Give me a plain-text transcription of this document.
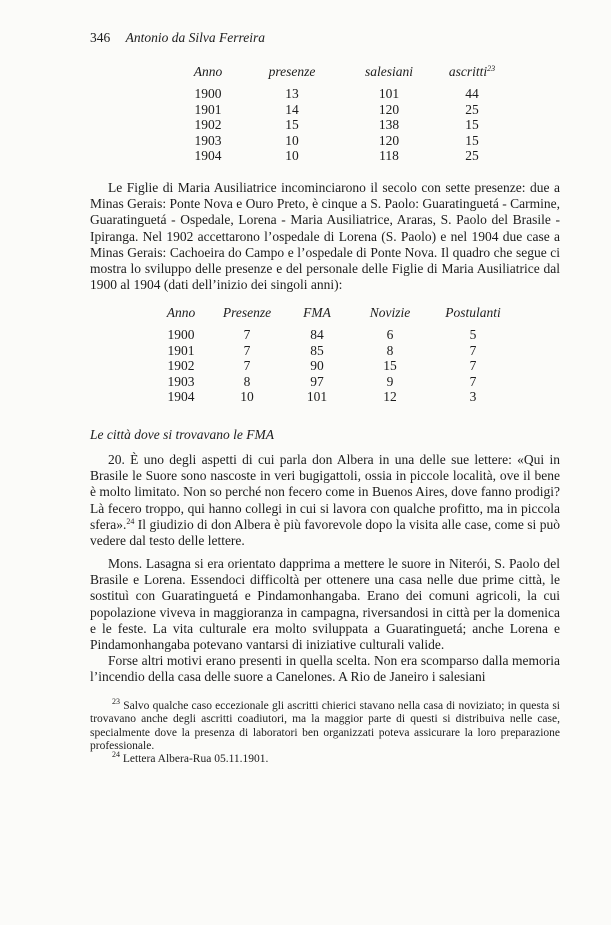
346 Antonio da Silva Ferreira
Anno	presenze	salesiani	ascritti$^{23}$
1900	13	101	44
1901	14	120	25
1902	15	138	15
1903	10	120	15
1904	10	118	25

Le Figlie di Maria Ausiliatrice incominciarono il secolo con sette presenze: due a Minas Gerais: Ponte Nova e Ouro Preto, è cinque a S. Paolo: Guaratinguetá - Carmine, Guaratinguetá - Ospedale, Lorena - Maria Ausiliatrice, Araras, S. Paolo del Brasile - Ipiranga. Nel 1902 accettarono l’ospedale di Lorena (S. Paolo) e nel 1904 due case a Minas Gerais: Cachoeira do Campo e l’ospedale di Ponte Nova. Il quadro che segue ci mostra lo sviluppo delle presenze e del personale delle Figlie di Maria Ausiliatrice dal 1900 al 1904 (dati dell’inizio dei singoli anni):

Anno	Presenze	FMA	Novizie	Postulanti
1900	7	84	6	5
1901	7	85	8	7
1902	7	90	15	7
1903	8	97	9	7
1904	10	101	12	3

Le città dove si trovavano le FMA

20. È uno degli aspetti di cui parla don Albera in una delle sue lettere: «Qui in Brasile le Suore sono nascoste in veri bugigattoli, ossia in piccole località, ove il bene è molto limitato. Non so perché non fecero come in Buenos Aires, dove fanno prodigi? Là fecero troppo, qui hanno collegi in cui si lavora con qualche profitto, ma in piccola sfera».$^{24}$ Il giudizio di don Albera è più favorevole dopo la visita alle case, come si può vedere dal testo delle lettere.

Mons. Lasagna si era orientato dapprima a mettere le suore in Niterói, S. Paolo del Brasile e Lorena. Essendoci difficoltà per ottenere una casa nelle due prime città, le sostituì con Guaratinguetá e Pindamonhangaba. Erano dei comuni agricoli, la cui popolazione viveva in maggioranza in campagna, riversandosi in città per la domenica e le feste. La vita culturale era molto sviluppata a Guaratinguetá; anche Lorena e Pindamonhangaba potevano vantarsi di iniziative culturali valide.

Forse altri motivi erano presenti in quella scelta. Non era scomparso dalla memoria l’incendio della casa delle suore a Canelones. A Rio de Janeiro i salesiani

$^{23}$ Salvo qualche caso eccezionale gli ascritti chierici stavano nella casa di noviziato; in questa si trovavano anche degli ascritti coadiutori, ma la maggior parte di questi si distribuiva nelle case, specialmente dove la presenza di laboratori ben organizzati poteva assicurare la loro preparazione professionale.

$^{24}$ Lettera Albera-Rua 05.11.1901.
